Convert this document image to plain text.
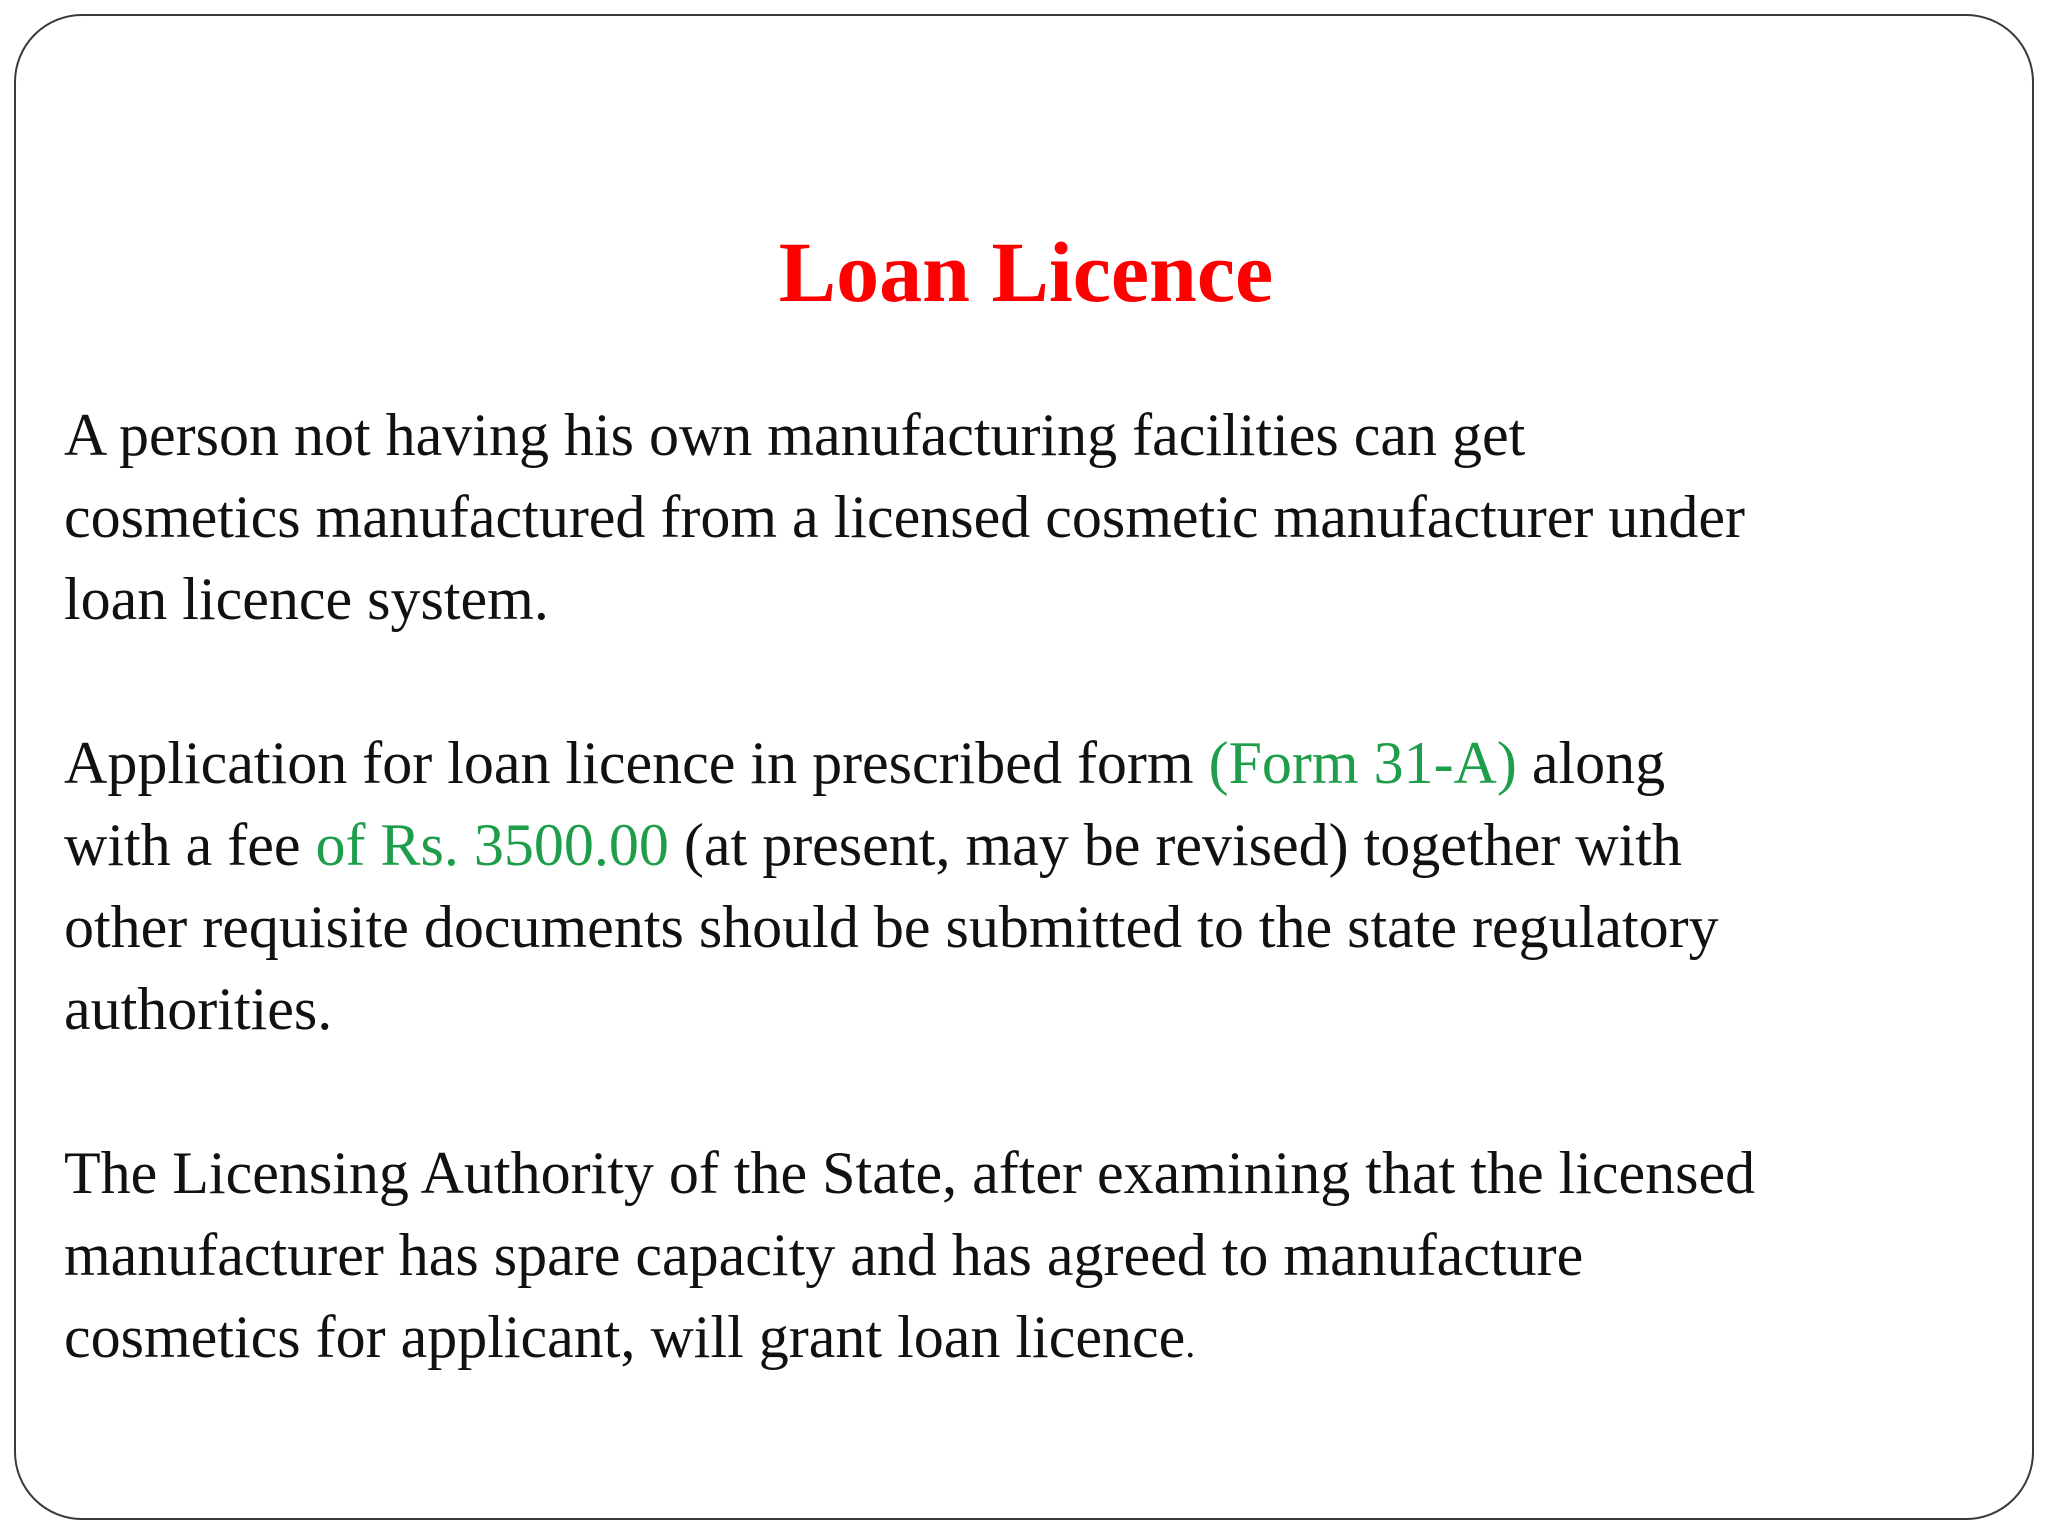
Loan Licence

A person not having his own manufacturing facilities can get
cosmetics manufactured from a licensed cosmetic manufacturer under
loan licence system.

Application for loan licence in prescribed form (Form 31-A) along
with a fee of Rs. 3500.00 (at present, may be revised) together with
other requisite documents should be submitted to the state regulatory
authorities.

The Licensing Authority of the State, after examining that the licensed
manufacturer has spare capacity and has agreed to manufacture
cosmetics for applicant, will grant loan licence.
